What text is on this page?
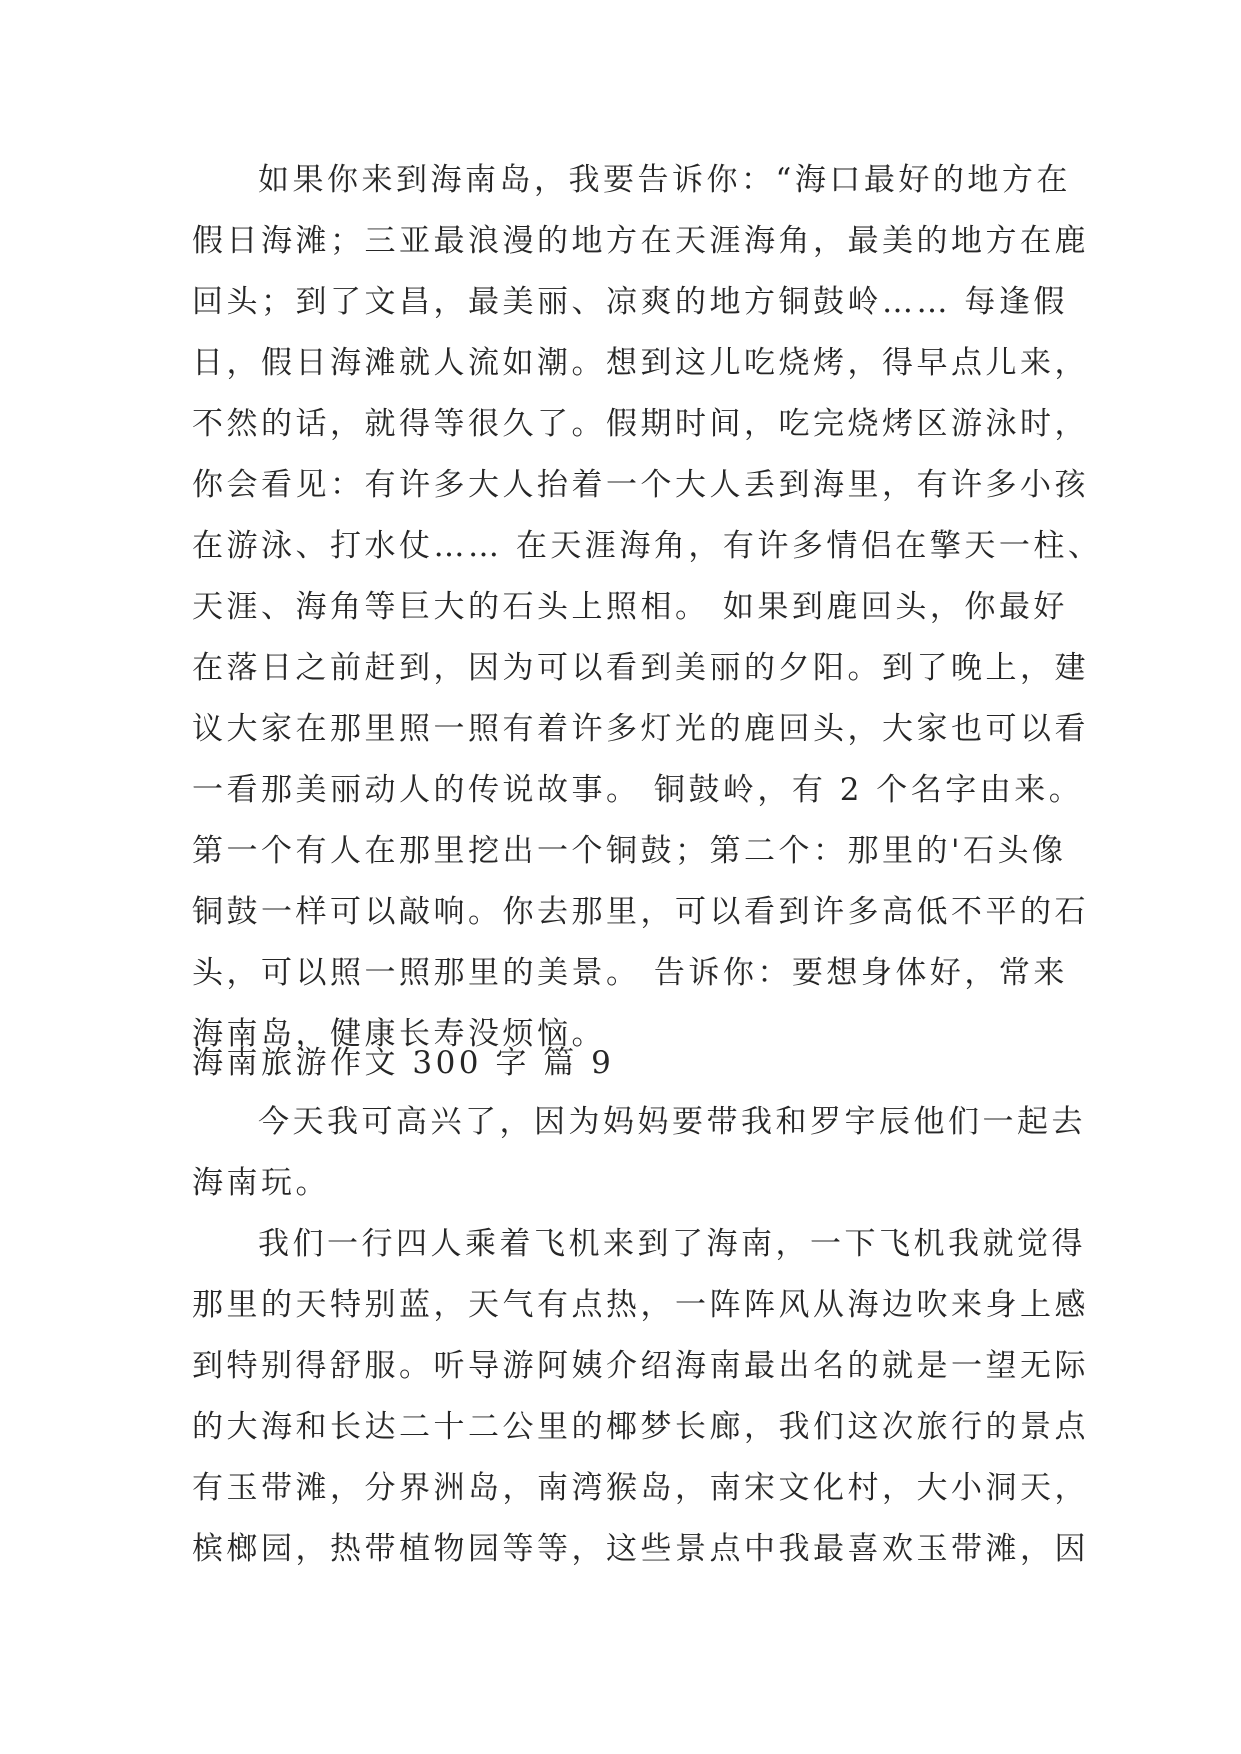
如果你来到海南岛，我要告诉你：“海口最好的地方在
假日海滩；三亚最浪漫的地方在天涯海角，最美的地方在鹿
回头；到了文昌，最美丽、凉爽的地方铜鼓岭…… 每逢假
日，假日海滩就人流如潮。想到这儿吃烧烤，得早点儿来，
不然的话，就得等很久了。假期时间，吃完烧烤区游泳时，
你会看见：有许多大人抬着一个大人丢到海里，有许多小孩
在游泳、打水仗…… 在天涯海角，有许多情侣在擎天一柱、
天涯、海角等巨大的石头上照相。 如果到鹿回头，你最好
在落日之前赶到，因为可以看到美丽的夕阳。到了晚上，建
议大家在那里照一照有着许多灯光的鹿回头，大家也可以看
一看那美丽动人的传说故事。 铜鼓岭，有 2 个名字由来。
第一个有人在那里挖出一个铜鼓；第二个：那里的'石头像
铜鼓一样可以敲响。你去那里，可以看到许多高低不平的石
头，可以照一照那里的美景。 告诉你：要想身体好，常来
海南岛，健康长寿没烦恼。
海南旅游作文 300 字 篇 9
今天我可高兴了，因为妈妈要带我和罗宇辰他们一起去
海南玩。
我们一行四人乘着飞机来到了海南，一下飞机我就觉得
那里的天特别蓝，天气有点热，一阵阵风从海边吹来身上感
到特别得舒服。听导游阿姨介绍海南最出名的就是一望无际
的大海和长达二十二公里的椰梦长廊，我们这次旅行的景点
有玉带滩，分界洲岛，南湾猴岛，南宋文化村，大小洞天，
槟榔园，热带植物园等等，这些景点中我最喜欢玉带滩，因
